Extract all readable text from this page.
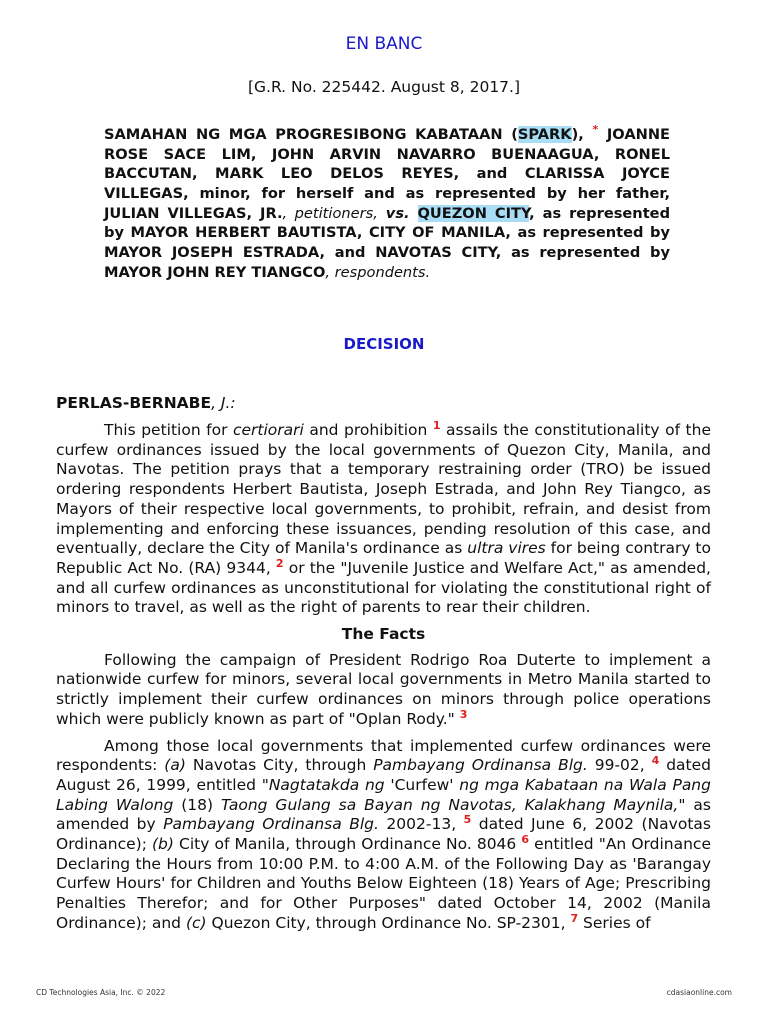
EN BANC
[G.R. No. 225442. August 8, 2017.]
SAMAHAN NG MGA PROGRESIBONG KABATAAN (SPARK), * JOANNE ROSE SACE LIM, JOHN ARVIN NAVARRO BUENAAGUA, RONEL BACCUTAN, MARK LEO DELOS REYES, and CLARISSA JOYCE VILLEGAS, minor, for herself and as represented by her father, JULIAN VILLEGAS, JR., petitioners, vs. QUEZON CITY, as represented by MAYOR HERBERT BAUTISTA, CITY OF MANILA, as represented by MAYOR JOSEPH ESTRADA, and NAVOTAS CITY, as represented by MAYOR JOHN REY TIANGCO, respondents.
DECISION
PERLAS-BERNABE, J.:

This petition for certiorari and prohibition $^1$ assails the constitutionality of the curfew ordinances issued by the local governments of Quezon City, Manila, and Navotas. The petition prays that a temporary restraining order (TRO) be issued ordering respondents Herbert Bautista, Joseph Estrada, and John Rey Tiangco, as Mayors of their respective local governments, to prohibit, refrain, and desist from implementing and enforcing these issuances, pending resolution of this case, and eventually, declare the City of Manila's ordinance as ultra vires for being contrary to Republic Act No. (RA) 9344, $^2$ or the "Juvenile Justice and Welfare Act," as amended, and all curfew ordinances as unconstitutional for violating the constitutional right of minors to travel, as well as the right of parents to rear their children.

The Facts

Following the campaign of President Rodrigo Roa Duterte to implement a nationwide curfew for minors, several local governments in Metro Manila started to strictly implement their curfew ordinances on minors through police operations which were publicly known as part of "Oplan Rody." $^3$

Among those local governments that implemented curfew ordinances were respondents: (a) Navotas City, through Pambayang Ordinansa Blg. 99-02, $^4$ dated August 26, 1999, entitled "Nagtatakda ng 'Curfew' ng mga Kabataan na Wala Pang Labing Walong (18) Taong Gulang sa Bayan ng Navotas, Kalakhang Maynila," as amended by Pambayang Ordinansa Blg. 2002-13, $^5$ dated June 6, 2002 (Navotas Ordinance); (b) City of Manila, through Ordinance No. 8046 $^6$ entitled "An Ordinance Declaring the Hours from 10:00 P.M. to 4:00 A.M. of the Following Day as 'Barangay Curfew Hours' for Children and Youths Below Eighteen (18) Years of Age; Prescribing Penalties Therefor; and for Other Purposes" dated October 14, 2002 (Manila Ordinance); and (c) Quezon City, through Ordinance No. SP-2301, $^7$ Series of

CD Technologies Asia, Inc. © 2022	cdasiaonline.com
